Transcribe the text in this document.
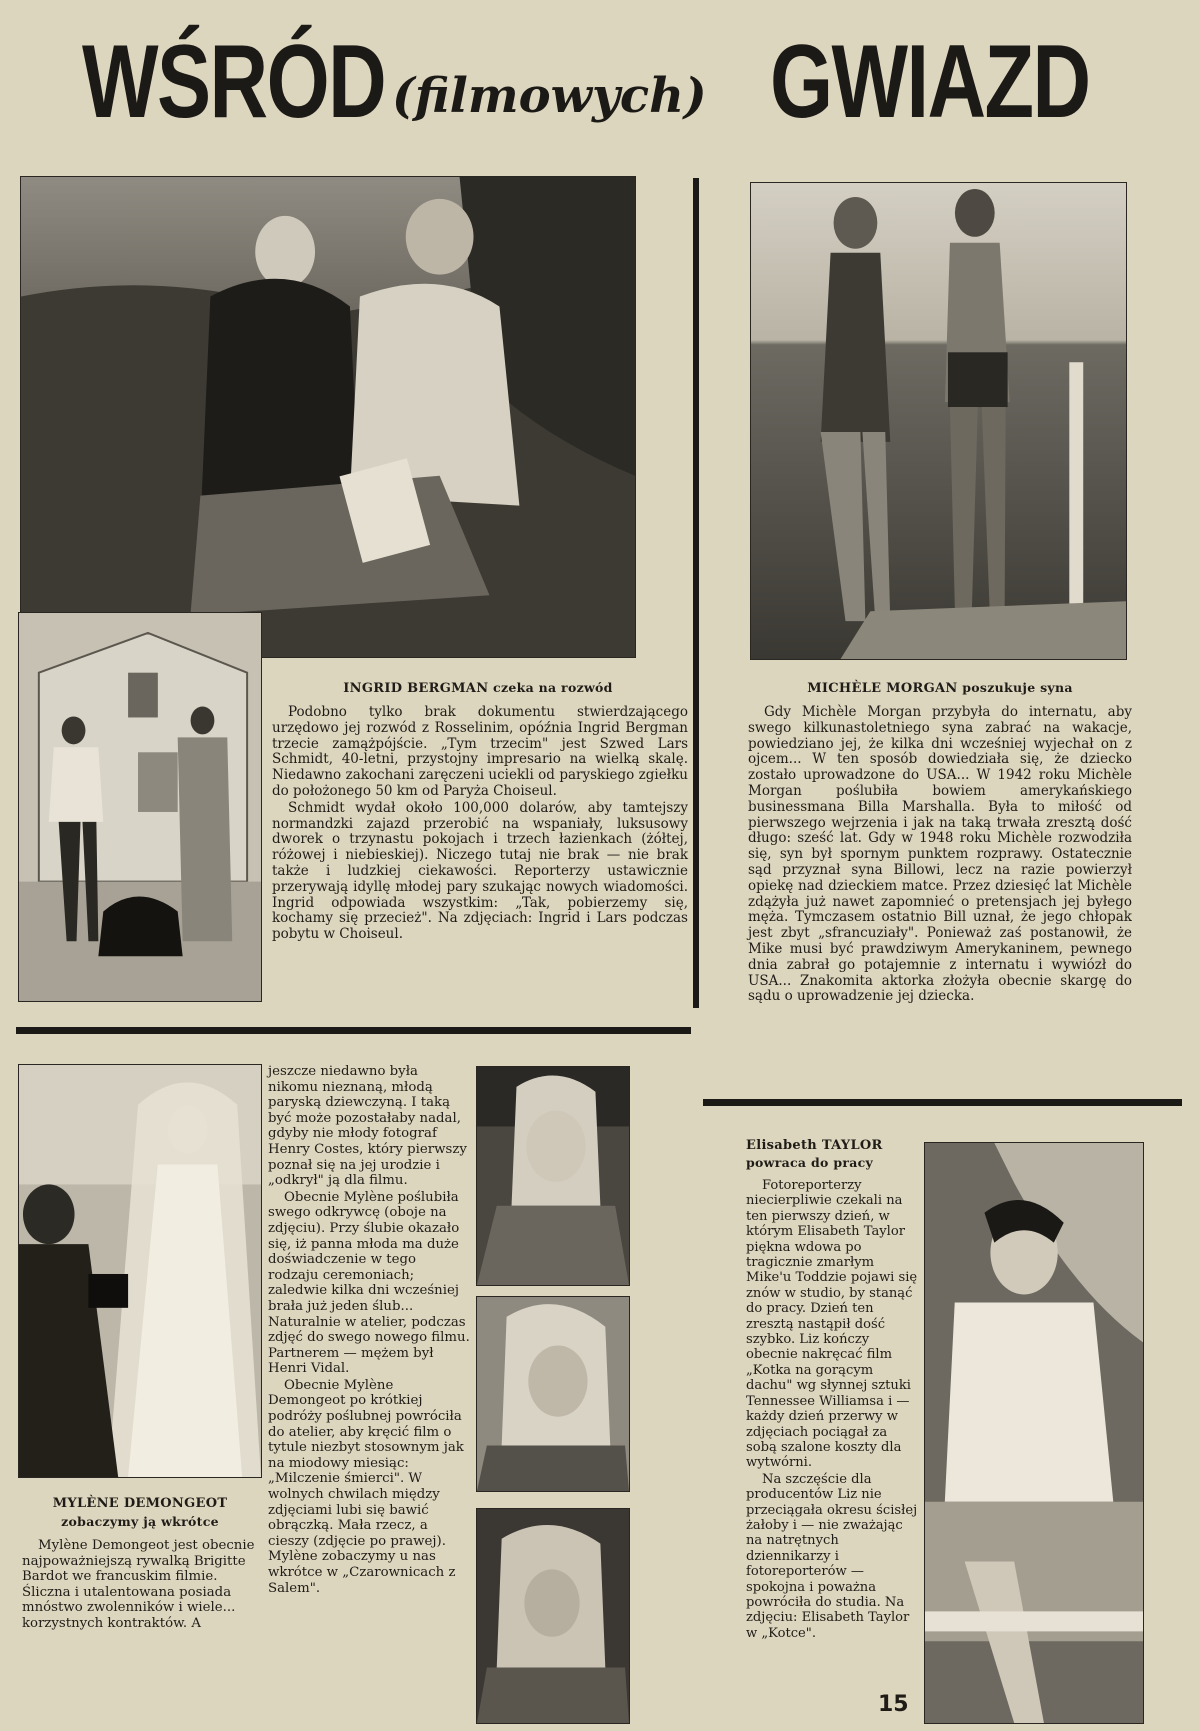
WŚRÓD (filmowych) GWIAZD
INGRID BERGMAN czeka na rozwód

Podobno tylko brak dokumentu stwierdzającego urzędowo jej rozwód z Rosselinim, opóźnia Ingrid Bergman trzecie zamążpójście. „Tym trzecim" jest Szwed Lars Schmidt, 40-letni, przystojny impresario na wielką skalę. Niedawno zakochani zaręczeni uciekli od paryskiego zgiełku do położonego 50 km od Paryża Choiseul.

Schmidt wydał około 100,000 dolarów, aby tamtejszy normandzki zajazd przerobić na wspaniały, luksusowy dworek o trzynastu pokojach i trzech łazienkach (żółtej, różowej i niebieskiej). Niczego tutaj nie brak — nie brak także i ludzkiej ciekawości. Reporterzy ustawicznie przerywają idyllę młodej pary szukając nowych wiadomości. Ingrid odpowiada wszystkim: „Tak, pobierzemy się, kochamy się przecież". Na zdjęciach: Ingrid i Lars podczas pobytu w Choiseul.

MICHÈLE MORGAN poszukuje syna

Gdy Michèle Morgan przybyła do internatu, aby swego kilkunastoletniego syna zabrać na wakacje, powiedziano jej, że kilka dni wcześniej wyjechał on z ojcem... W ten sposób dowiedziała się, że dziecko zostało uprowadzone do USA... W 1942 roku Michèle Morgan poślubiła bowiem amerykańskiego businessmana Billa Marshalla. Była to miłość od pierwszego wejrzenia i jak na taką trwała zresztą dość długo: sześć lat. Gdy w 1948 roku Michèle rozwodziła się, syn był spornym punktem rozprawy. Ostatecznie sąd przyznał syna Billowi, lecz na razie powierzył opiekę nad dzieckiem matce. Przez dziesięć lat Michèle zdążyła już nawet zapomnieć o pretensjach jej byłego męża. Tymczasem ostatnio Bill uznał, że jego chłopak jest zbyt „sfrancuziały". Ponieważ zaś postanowił, że Mike musi być prawdziwym Amerykaninem, pewnego dnia zabrał go potajemnie z internatu i wywiózł do USA... Znakomita aktorka złożyła obecnie skargę do sądu o uprowadzenie jej dziecka.

MYLÈNE DEMONGEOT
zobaczymy ją wkrótce

Mylène Demongeot jest obecnie najpoważniejszą rywalką Brigitte Bardot we francuskim filmie. Śliczna i utalentowana posiada mnóstwo zwolenników i wiele... korzystnych kontraktów. A

jeszcze niedawno była nikomu nieznaną, młodą paryską dziewczyną. I taką być może pozostałaby nadal, gdyby nie młody fotograf Henry Costes, który pierwszy poznał się na jej urodzie i „odkrył" ją dla filmu.

Obecnie Mylène poślubiła swego odkrywcę (oboje na zdjęciu). Przy ślubie okazało się, iż panna młoda ma duże doświadczenie w tego rodzaju ceremoniach; zaledwie kilka dni wcześniej brała już jeden ślub... Naturalnie w atelier, podczas zdjęć do swego nowego filmu. Partnerem — mężem był Henri Vidal.

Obecnie Mylène Demongeot po krótkiej podróży poślubnej powróciła do atelier, aby kręcić film o tytule niezbyt stosownym jak na miodowy miesiąc: „Milczenie śmierci". W wolnych chwilach między zdjęciami lubi się bawić obrączką. Mała rzecz, a cieszy (zdjęcie po prawej). Mylène zobaczymy u nas wkrótce w „Czarownicach z Salem".

Elisabeth TAYLOR
powraca do pracy

Fotoreporterzy niecierpliwie czekali na ten pierwszy dzień, w którym Elisabeth Taylor piękna wdowa po tragicznie zmarłym Mike'u Toddzie pojawi się znów w studio, by stanąć do pracy. Dzień ten zresztą nastąpił dość szybko. Liz kończy obecnie nakręcać film „Kotka na gorącym dachu" wg słynnej sztuki Tennessee Williamsa i — każdy dzień przerwy w zdjęciach pociągał za sobą szalone koszty dla wytwórni.

Na szczęście dla producentów Liz nie przeciągała okresu ścisłej żałoby i — nie zważając na natrętnych dziennikarzy i fotoreporterów — spokojna i poważna powróciła do studia. Na zdjęciu: Elisabeth Taylor w „Kotce".

15
